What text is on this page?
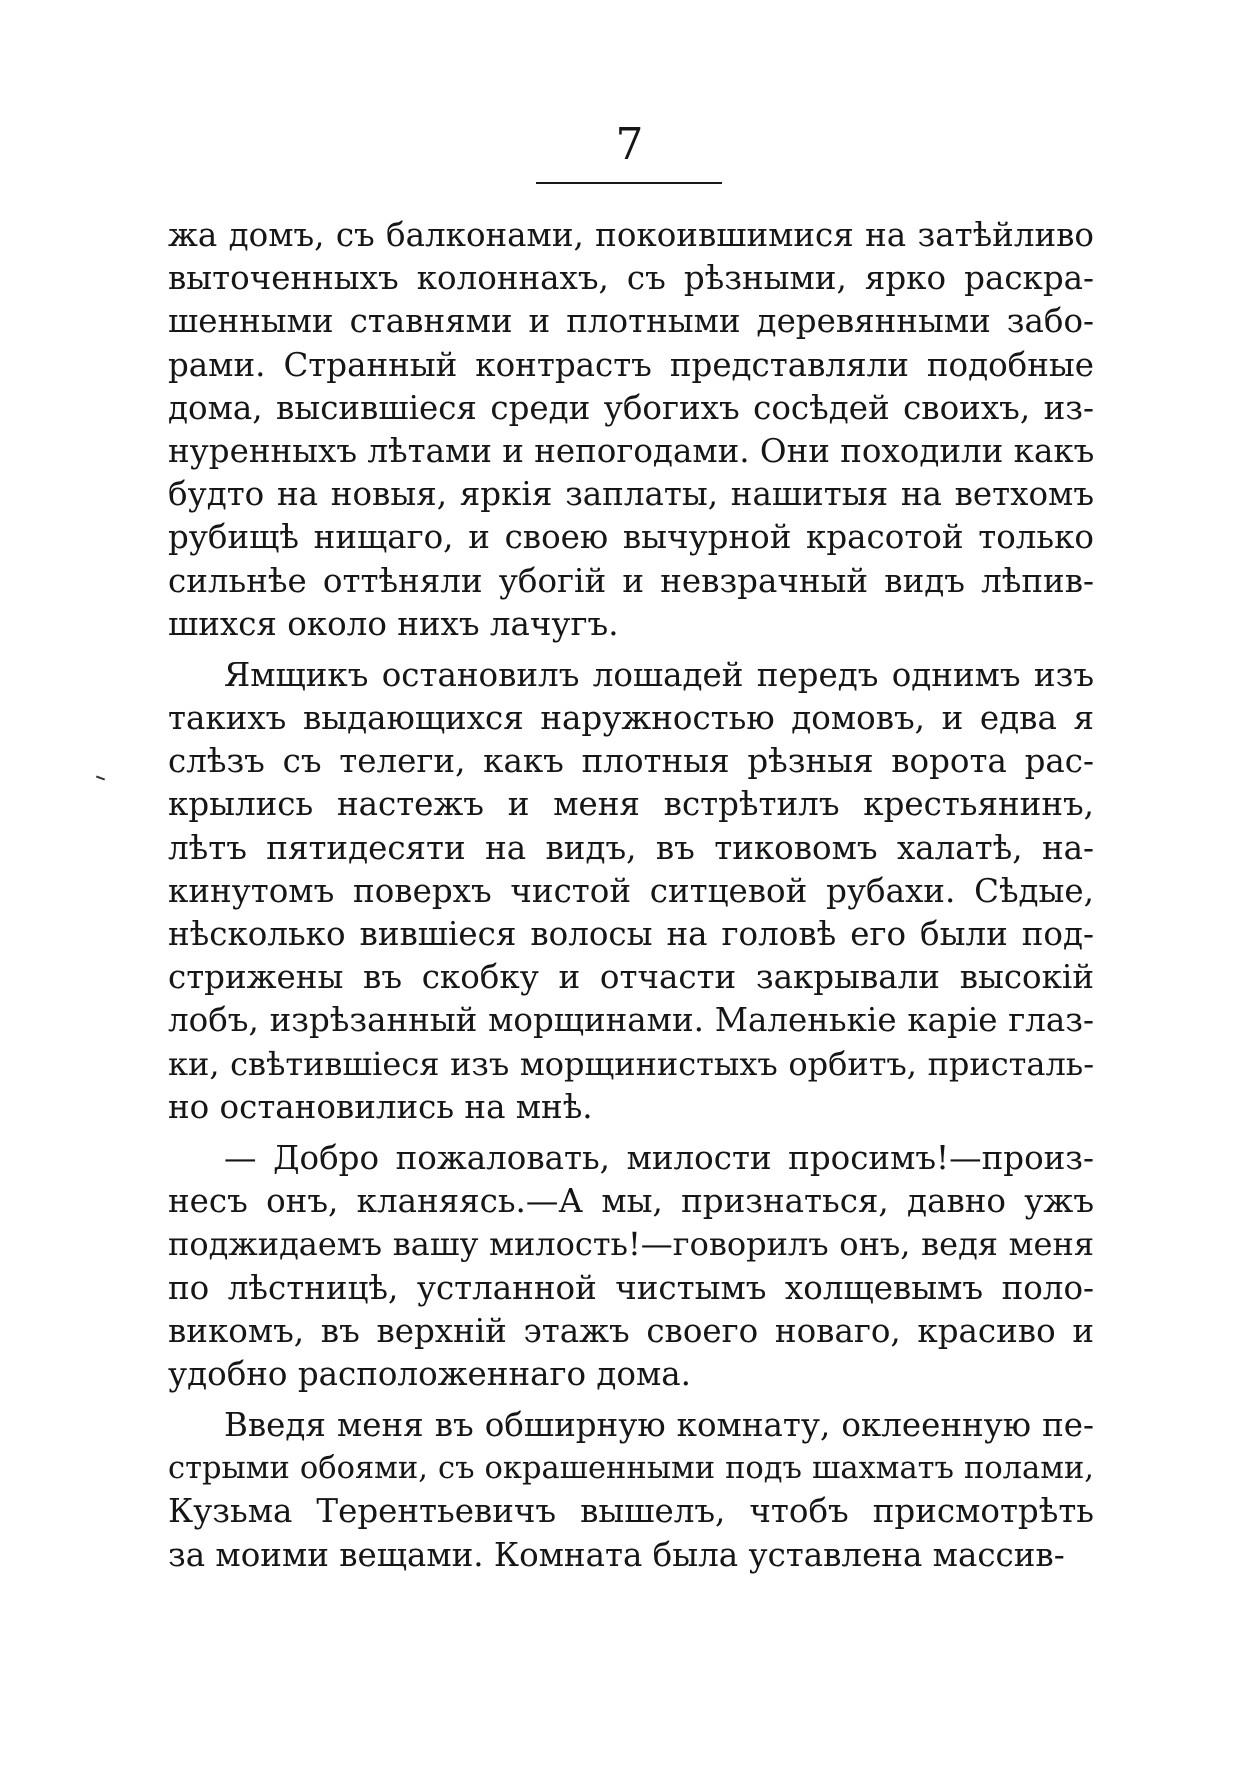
7
жа домъ, съ балконами, покоившимися на затѣйливо
выточенныхъ колоннахъ, съ рѣзными, ярко раскра-
шенными ставнями и плотными деревянными забо-
рами. Странный контрастъ представляли подобные
дома, высившіеся среди убогихъ сосѣдей своихъ, из-
нуренныхъ лѣтами и непогодами. Они походили какъ
будто на новыя, яркія заплаты, нашитыя на ветхомъ
рубищѣ нищаго, и своею вычурной красотой только
сильнѣе оттѣняли убогій и невзрачный видъ лѣпив-
шихся около нихъ лачугъ.
Ямщикъ остановилъ лошадей передъ однимъ изъ
такихъ выдающихся наружностью домовъ, и едва я
слѣзъ съ телеги, какъ плотныя рѣзныя ворота рас-
крылись настежъ и меня встрѣтилъ крестьянинъ,
лѣтъ пятидесяти на видъ, въ тиковомъ халатѣ, на-
кинутомъ поверхъ чистой ситцевой рубахи. Сѣдые,
нѣсколько вившіеся волосы на головѣ его были под-
стрижены въ скобку и отчасти закрывали высокій
лобъ, изрѣзанный морщинами. Маленькіе каріе глаз-
ки, свѣтившіеся изъ морщинистыхъ орбитъ, присталь-
но остановились на мнѣ.
— Добро пожаловать, милости просимъ!—произ-
несъ онъ, кланяясь.—А мы, признаться, давно ужъ
поджидаемъ вашу милость!—говорилъ онъ, ведя меня
по лѣстницѣ, устланной чистымъ холщевымъ поло-
викомъ, въ верхній этажъ своего новаго, красиво и
удобно расположеннаго дома.
Введя меня въ обширную комнату, оклеенную пе-
стрыми обоями, съ окрашенными подъ шахматъ полами,
Кузьма Терентьевичъ вышелъ, чтобъ присмотрѣть
за моими вещами. Комната была уставлена массив-
